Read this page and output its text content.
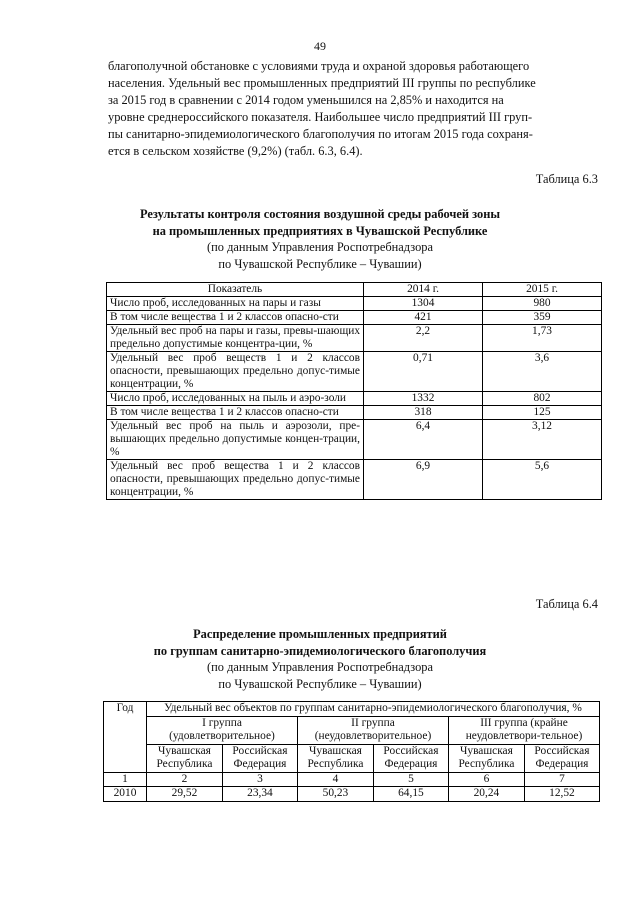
49
благополучной обстановке с условиями труда и охраной здоровья работающего
населения. Удельный вес промышленных предприятий III группы по республике
за 2015 год в сравнении с 2014 годом уменьшился на 2,85% и находится на
уровне среднероссийского показателя. Наибольшее число предприятий III груп-
пы санитарно-эпидемиологического благополучия по итогам 2015 года сохраня-
ется в сельском хозяйстве (9,2%) (табл. 6.3, 6.4).
Таблица 6.3
Результаты контроля состояния воздушной среды рабочей зоны
на промышленных предприятиях в Чувашской Республике
(по данным Управления Роспотребнадзора
по Чувашской Республике – Чувашии)
Показатель	2014 г.	2015 г.
Число проб, исследованных на пары и газы	1304	980
В том числе вещества 1 и 2 классов опасно-сти	421	359
Удельный вес проб на пары и газы, превы-шающих предельно допустимые концентра-ции, %	2,2	1,73
Удельный вес проб веществ 1 и 2 классов опасности, превышающих предельно допус-тимые концентрации, %	0,71	3,6
Число проб, исследованных на пыль и аэро-золи	1332	802
В том числе вещества 1 и 2 классов опасно-сти	318	125
Удельный вес проб на пыль и аэрозоли, пре-вышающих предельно допустимые концен-трации, %	6,4	3,12
Удельный вес проб вещества 1 и 2 классов опасности, превышающих предельно допус-тимые концентрации, %	6,9	5,6
Таблица 6.4
Распределение промышленных предприятий
по группам санитарно-эпидемиологического благополучия
(по данным Управления Роспотребнадзора
по Чувашской Республике – Чувашии)
Год	Удельный вес объектов по группам санитарно-эпидемиологического благополучия, %					
	I группа (удовлетворительное)		II группа (неудовлетворительное)		III группа (крайне неудовлетвори-тельное)	
	Чувашская Республика	Российская Федерация	Чувашская Республика	Российская Федерация	Чувашская Республика	Российская Федерация
1	2	3	4	5	6	7
2010	29,52	23,34	50,23	64,15	20,24	12,52
